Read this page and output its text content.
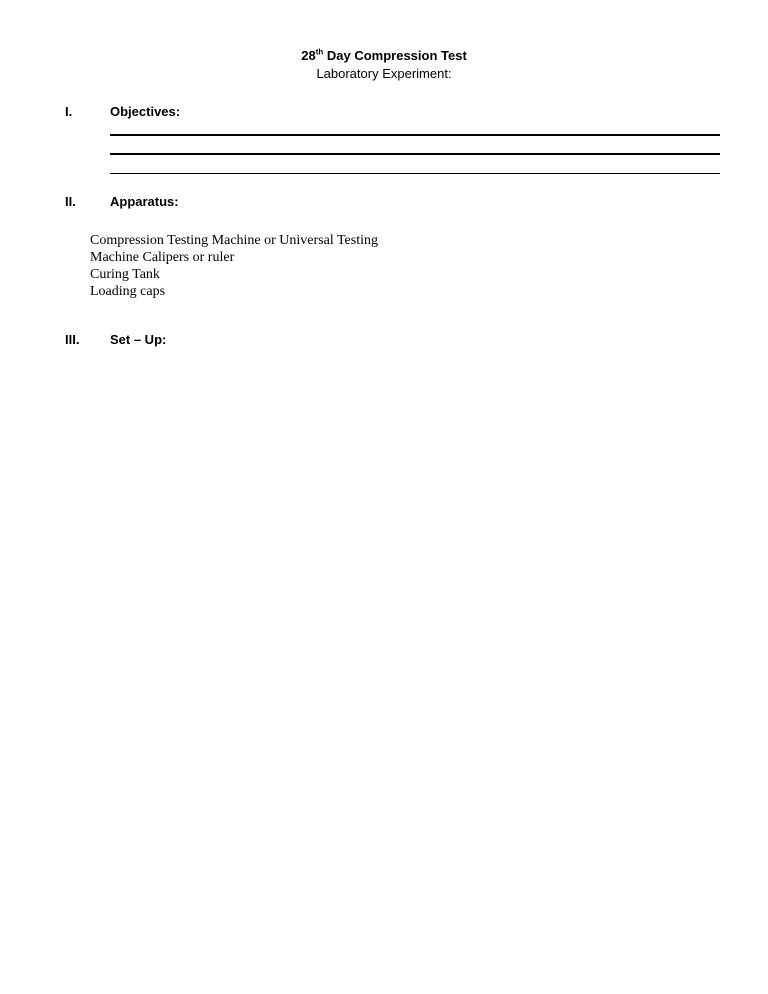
28th Day Compression Test
Laboratory Experiment:
I.	Objectives:
II.	Apparatus:
Compression Testing Machine or Universal Testing
Machine Calipers or ruler
Curing Tank
Loading caps
III. Set – Up:
